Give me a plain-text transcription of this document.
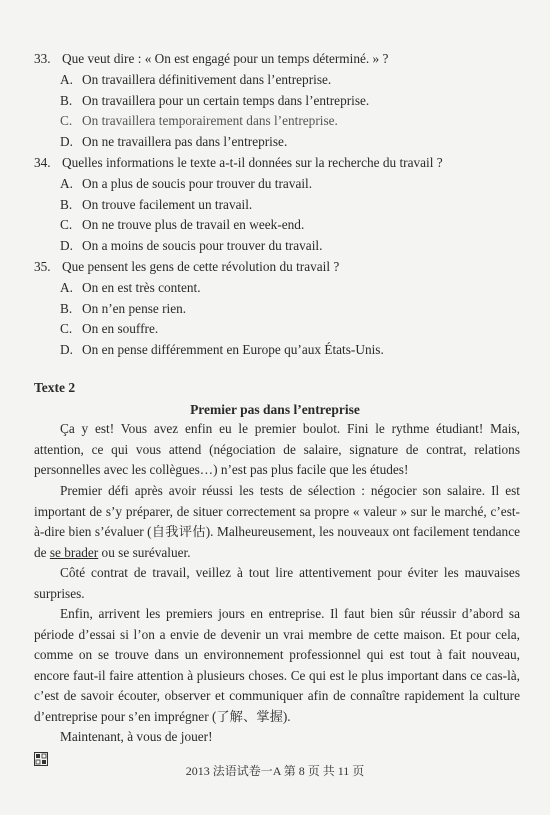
33. Que veut dire : « On est engagé pour un temps déterminé. » ?
A. On travaillera définitivement dans l’entreprise.
B. On travaillera pour un certain temps dans l’entreprise.
C. On travaillera temporairement dans l’entreprise.
D. On ne travaillera pas dans l’entreprise.
34. Quelles informations le texte a-t-il données sur la recherche du travail ?
A. On a plus de soucis pour trouver du travail.
B. On trouve facilement un travail.
C. On ne trouve plus de travail en week-end.
D. On a moins de soucis pour trouver du travail.
35. Que pensent les gens de cette révolution du travail ?
A. On en est très content.
B. On n’en pense rien.
C. On en souffre.
D. On en pense différemment en Europe qu’aux États-Unis.
Texte 2
Premier pas dans l’entreprise
Ça y est! Vous avez enfin eu le premier boulot. Fini le rythme étudiant! Mais, attention, ce qui vous attend (négociation de salaire, signature de contrat, relations personnelles avec les collègues…) n’est pas plus facile que les études!
Premier défi après avoir réussi les tests de sélection : négocier son salaire. Il est important de s’y préparer, de situer correctement sa propre « valeur » sur le marché, c’est-à-dire bien s’évaluer (自我评估). Malheureusement, les nouveaux ont facilement tendance de se brader ou se surévaluer.
Côté contrat de travail, veillez à tout lire attentivement pour éviter les mauvaises surprises.
Enfin, arrivent les premiers jours en entreprise. Il faut bien sûr réussir d’abord sa période d’essai si l’on a envie de devenir un vrai membre de cette maison. Et pour cela, comme on se trouve dans un environnement professionnel qui est tout à fait nouveau, encore faut-il faire attention à plusieurs choses. Ce qui est le plus important dans ce cas-là, c’est de savoir écouter, observer et communiquer afin de connaître rapidement la culture d’entreprise pour s’en imprégner (了解、掌握).
Maintenant, à vous de jouer!
2013 法语试卷一A 第 8 页 共 11 页
